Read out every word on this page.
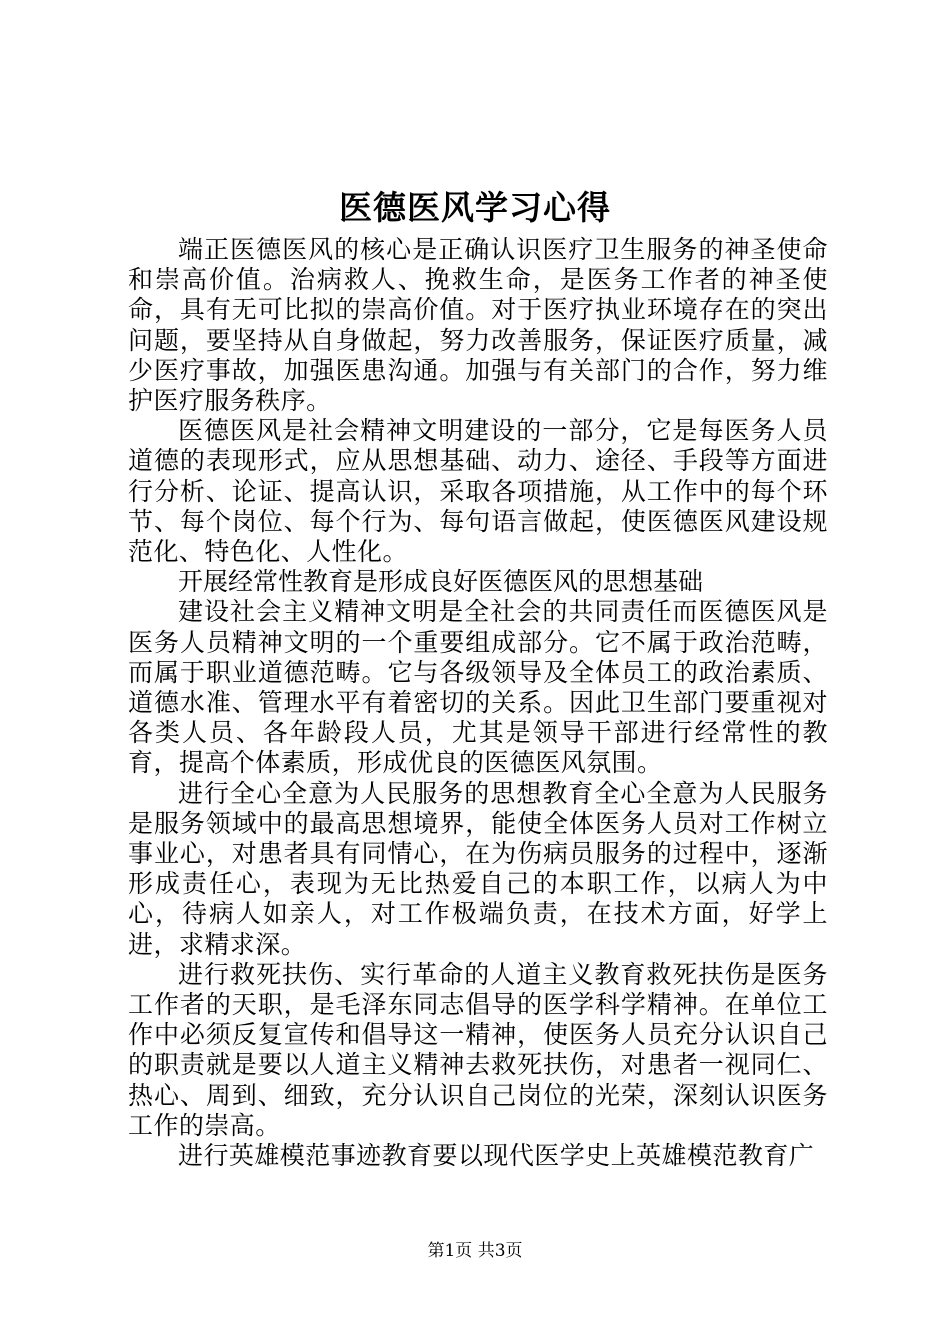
医德医风学习心得

端正医德医风的核心是正确认识医疗卫生服务的神圣使命和崇高价值。治病救人、挽救生命，是医务工作者的神圣使命，具有无可比拟的崇高价值。对于医疗执业环境存在的突出问题，要坚持从自身做起，努力改善服务，保证医疗质量，减少医疗事故，加强医患沟通。加强与有关部门的合作，努力维护医疗服务秩序。

医德医风是社会精神文明建设的一部分，它是每医务人员道德的表现形式，应从思想基础、动力、途径、手段等方面进行分析、论证、提高认识，采取各项措施，从工作中的每个环节、每个岗位、每个行为、每句语言做起，使医德医风建设规范化、特色化、人性化。

开展经常性教育是形成良好医德医风的思想基础

建设社会主义精神文明是全社会的共同责任而医德医风是医务人员精神文明的一个重要组成部分。它不属于政治范畴，而属于职业道德范畴。它与各级领导及全体员工的政治素质、道德水准、管理水平有着密切的关系。因此卫生部门要重视对各类人员、各年龄段人员，尤其是领导干部进行经常性的教育，提高个体素质，形成优良的医德医风氛围。

进行全心全意为人民服务的思想教育全心全意为人民服务是服务领域中的最高思想境界，能使全体医务人员对工作树立事业心，对患者具有同情心，在为伤病员服务的过程中，逐渐形成责任心，表现为无比热爱自己的本职工作，以病人为中心，待病人如亲人，对工作极端负责，在技术方面，好学上进，求精求深。

进行救死扶伤、实行革命的人道主义教育救死扶伤是医务工作者的天职，是毛泽东同志倡导的医学科学精神。在单位工作中必须反复宣传和倡导这一精神，使医务人员充分认识自己的职责就是要以人道主义精神去救死扶伤，对患者一视同仁、热心、周到、细致，充分认识自己岗位的光荣，深刻认识医务工作的崇高。

进行英雄模范事迹教育要以现代医学史上英雄模范教育广

第1页 共3页
